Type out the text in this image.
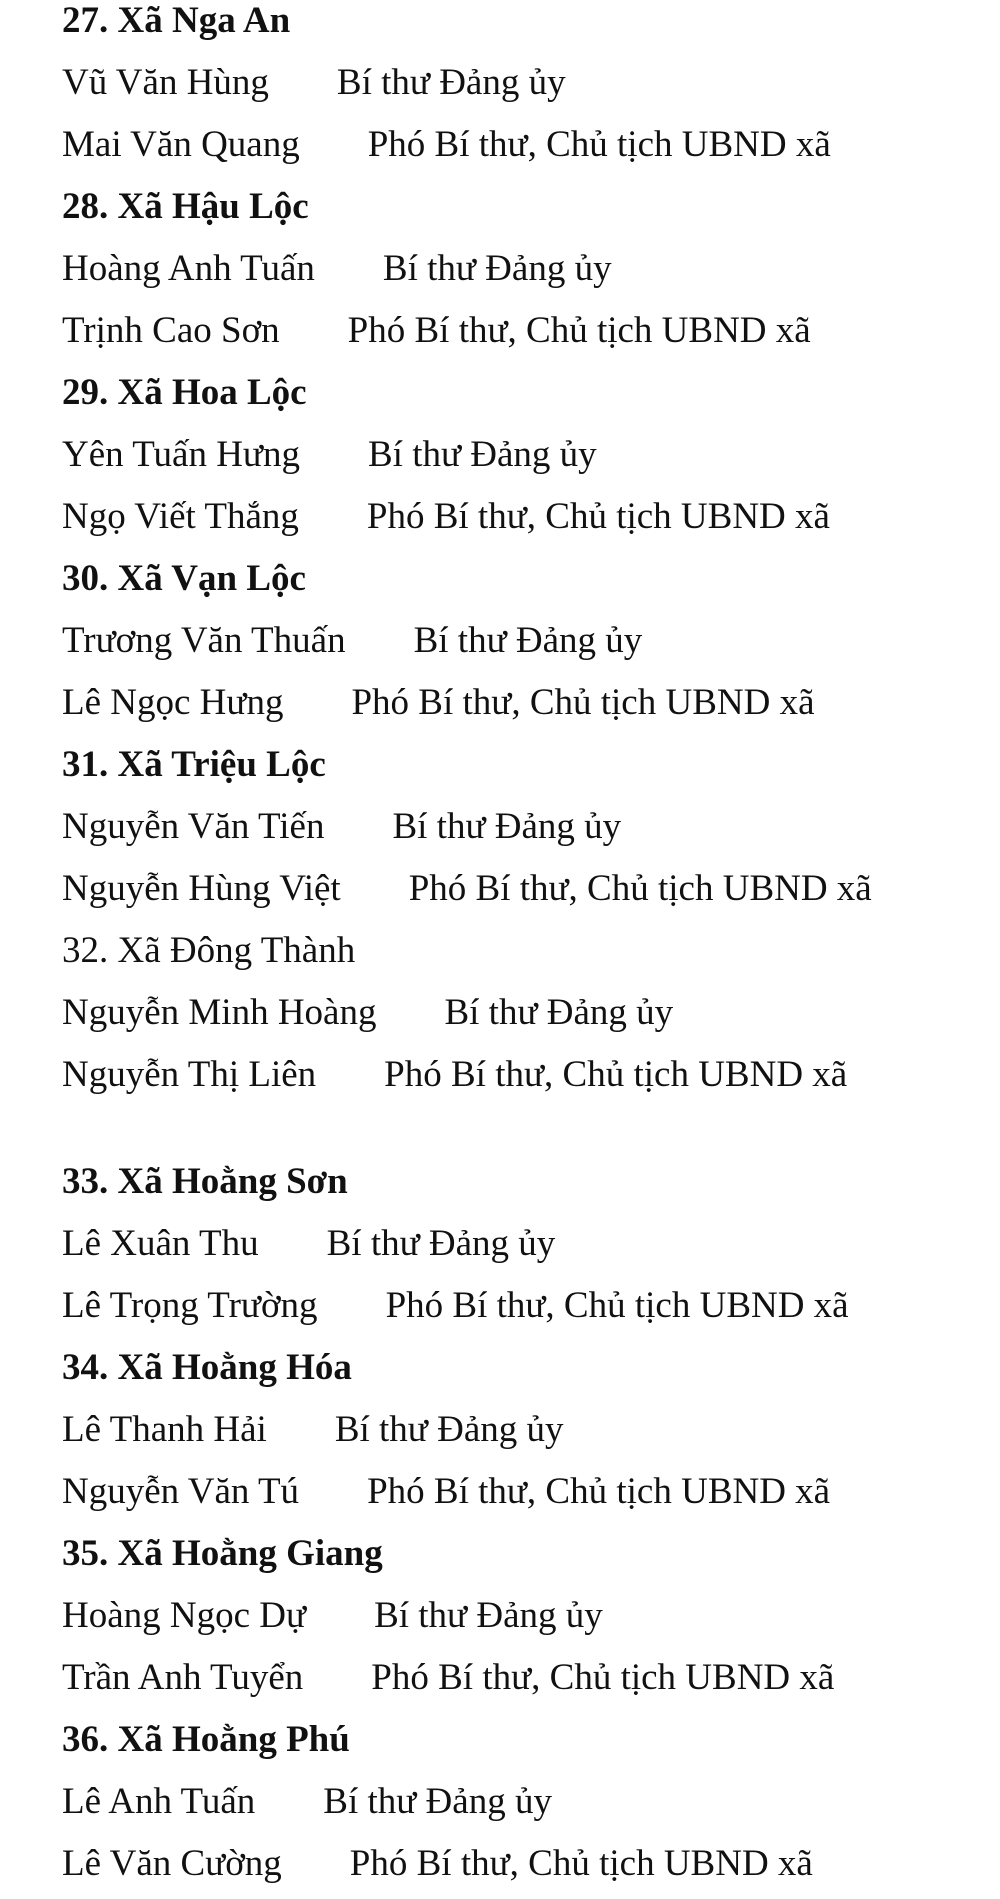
27. Xã Nga An
Vũ Văn Hùng Bí thư Đảng ủy
Mai Văn Quang Phó Bí thư, Chủ tịch UBND xã
28. Xã Hậu Lộc
Hoàng Anh Tuấn Bí thư Đảng ủy
Trịnh Cao Sơn Phó Bí thư, Chủ tịch UBND xã
29. Xã Hoa Lộc
Yên Tuấn Hưng Bí thư Đảng ủy
Ngọ Viết Thắng Phó Bí thư, Chủ tịch UBND xã
30. Xã Vạn Lộc
Trương Văn Thuấn Bí thư Đảng ủy
Lê Ngọc Hưng Phó Bí thư, Chủ tịch UBND xã
31. Xã Triệu Lộc
Nguyễn Văn Tiến Bí thư Đảng ủy
Nguyễn Hùng Việt Phó Bí thư, Chủ tịch UBND xã
32. Xã Đông Thành
Nguyễn Minh Hoàng Bí thư Đảng ủy
Nguyễn Thị Liên Phó Bí thư, Chủ tịch UBND xã
33. Xã Hoằng Sơn
Lê Xuân Thu Bí thư Đảng ủy
Lê Trọng Trường Phó Bí thư, Chủ tịch UBND xã
34. Xã Hoằng Hóa
Lê Thanh Hải Bí thư Đảng ủy
Nguyễn Văn Tú Phó Bí thư, Chủ tịch UBND xã
35. Xã Hoằng Giang
Hoàng Ngọc Dự Bí thư Đảng ủy
Trần Anh Tuyển Phó Bí thư, Chủ tịch UBND xã
36. Xã Hoằng Phú
Lê Anh Tuấn Bí thư Đảng ủy
Lê Văn Cường Phó Bí thư, Chủ tịch UBND xã
